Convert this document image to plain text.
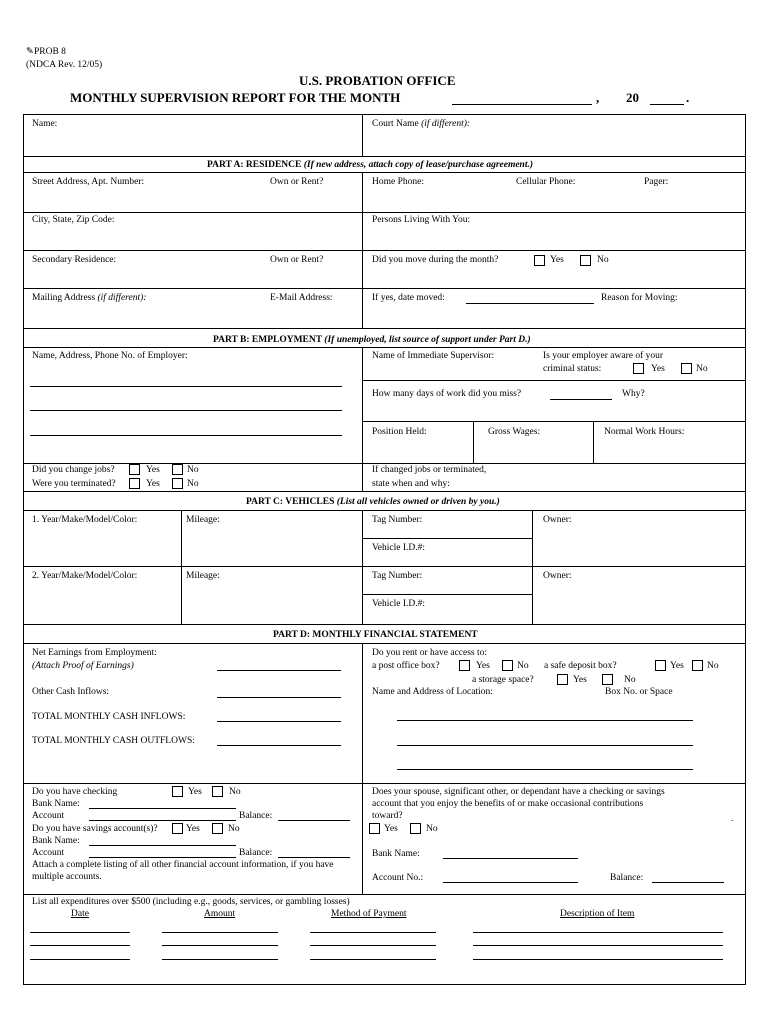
✎PROB 8
(NDCA Rev. 12/05)
U.S. PROBATION OFFICE
MONTHLY SUPERVISION REPORT FOR THE MONTH	, 20	.
Name:	Court Name (if different):
PART A: RESIDENCE (If new address, attach copy of lease/purchase agreement.)
Street Address, Apt. Number:	Own or Rent?	Home Phone:	Cellular Phone:	Pager:
City, State, Zip Code:	Persons Living With You:
Secondary Residence:	Own or Rent?	Did you move during the month?	Yes	No
Mailing Address (if different):	E-Mail Address:	If yes, date moved:	Reason for Moving:
PART B: EMPLOYMENT (If unemployed, list source of support under Part D.)
Name, Address, Phone No. of Employer:	Name of Immediate Supervisor:	Is your employer aware of your
criminal status:	Yes	No
How many days of work did you miss?	Why?
Position Held:	Gross Wages:	Normal Work Hours:
Did you change jobs?	Yes	No
Were you terminated?	Yes	No
If changed jobs or terminated,
state when and why:
PART C: VEHICLES (List all vehicles owned or driven by you.)
1. Year/Make/Model/Color:	Mileage:	Tag Number:	Owner:
Vehicle I.D.#:
2. Year/Make/Model/Color:	Mileage:	Tag Number:	Owner:
Vehicle I.D.#:
PART D: MONTHLY FINANCIAL STATEMENT
Net Earnings from Employment:
(Attach Proof of Earnings)
Other Cash Inflows:
TOTAL MONTHLY CASH INFLOWS:
TOTAL MONTHLY CASH OUTFLOWS:
Do you rent or have access to:
a post office box?	Yes	No a safe deposit box?	Yes No
a storage space?	Yes	No
Name and Address of Location:	Box No. or Space
Do you have checking	Yes	No
Bank Name:
Account	Balance:
Do you have savings account(s)?	Yes	No
Bank Name:
Account	Balance:
Attach a complete listing of all other financial account information, if you have
multiple accounts.
Does your spouse, significant other, or dependant have a checking or savings
account that you enjoy the benefits of or make occasional contributions
toward?
Yes	No
.
Bank Name:
Account No.:	Balance:
List all expenditures over $500 (including e.g., goods, services, or gambling losses)
Date	Amount	Method of Payment	Description of Item
